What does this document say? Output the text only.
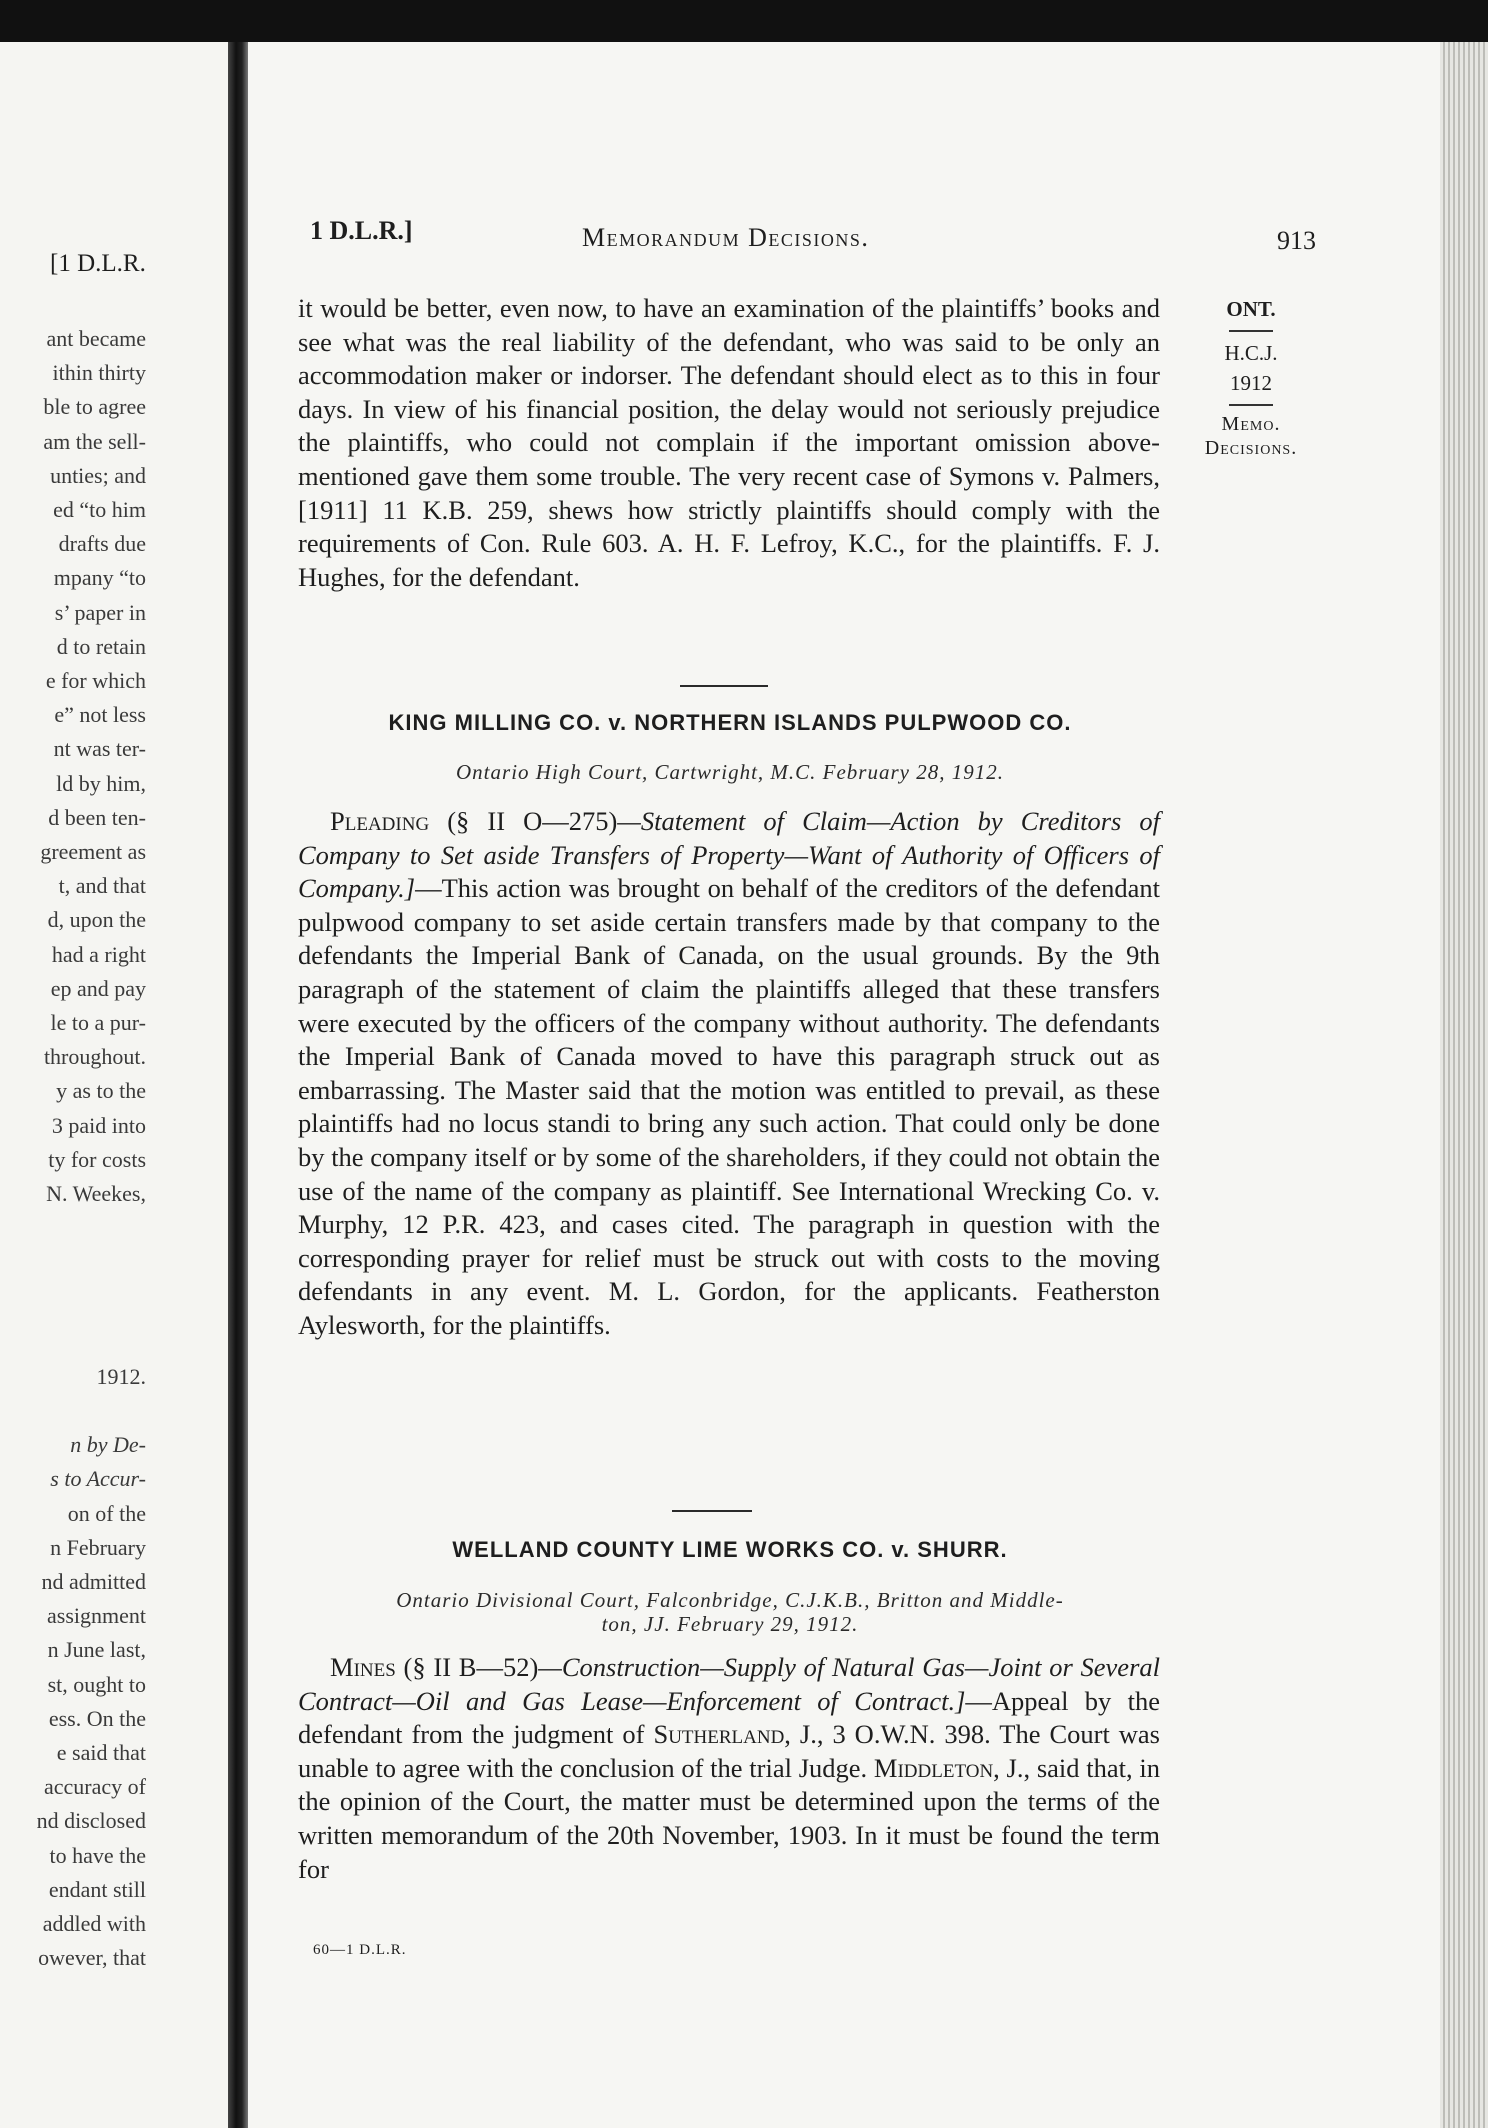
[1 D.L.R.
ant became
ithin thirty
ble to agree
am the sell-
unties; and
ed “to him
drafts due
mpany “to
s’ paper in
d to retain
e for which
e” not less
nt was ter-
ld by him,
d been ten-
greement as
t, and that
d, upon the
had a right
ep and pay
le to a pur-
throughout.
y as to the
3 paid into
ty for costs
N. Weekes,
1912.
n by De-
s to Accur-
on of the
n February
nd admitted
assignment
n June last,
st, ought to
ess. On the
e said that
accuracy of
nd disclosed
to have the
endant still
addled with
owever, that
1 D.L.R.]	Memorandum Decisions.	913
ONT.
H.C.J.
1912
Memo.
Decisions.

it would be better, even now, to have an examination of the plaintiffs’ books and see what was the real liability of the defendant, who was said to be only an accommodation maker or indorser. The defendant should elect as to this in four days. In view of his financial position, the delay would not seriously prejudice the plaintiffs, who could not complain if the important omission above-mentioned gave them some trouble. The very recent case of Symons v. Palmers, [1911] 11 K.B. 259, shews how strictly plaintiffs should comply with the requirements of Con. Rule 603. A. H. F. Lefroy, K.C., for the plaintiffs. F. J. Hughes, for the defendant.

KING MILLING CO. v. NORTHERN ISLANDS PULPWOOD CO.
Ontario High Court, Cartwright, M.C. February 28, 1912.

Pleading (§ II O—275)—Statement of Claim—Action by Creditors of Company to Set aside Transfers of Property—Want of Authority of Officers of Company.]—This action was brought on behalf of the creditors of the defendant pulpwood company to set aside certain transfers made by that company to the defendants the Imperial Bank of Canada, on the usual grounds. By the 9th paragraph of the statement of claim the plaintiffs alleged that these transfers were executed by the officers of the company without authority. The defendants the Imperial Bank of Canada moved to have this paragraph struck out as embarrassing. The Master said that the motion was entitled to prevail, as these plaintiffs had no locus standi to bring any such action. That could only be done by the company itself or by some of the shareholders, if they could not obtain the use of the name of the company as plaintiff. See International Wrecking Co. v. Murphy, 12 P.R. 423, and cases cited. The paragraph in question with the corresponding prayer for relief must be struck out with costs to the moving defendants in any event. M. L. Gordon, for the applicants. Featherston Aylesworth, for the plaintiffs.

WELLAND COUNTY LIME WORKS CO. v. SHURR.
Ontario Divisional Court, Falconbridge, C.J.K.B., Britton and Middle-
ton, JJ. February 29, 1912.

Mines (§ II B—52)—Construction—Supply of Natural Gas—Joint or Several Contract—Oil and Gas Lease—Enforcement of Contract.]—Appeal by the defendant from the judgment of Sutherland, J., 3 O.W.N. 398. The Court was unable to agree with the conclusion of the trial Judge. Middleton, J., said that, in the opinion of the Court, the matter must be determined upon the terms of the written memorandum of the 20th November, 1903. In it must be found the term for

60—1 D.L.R.
